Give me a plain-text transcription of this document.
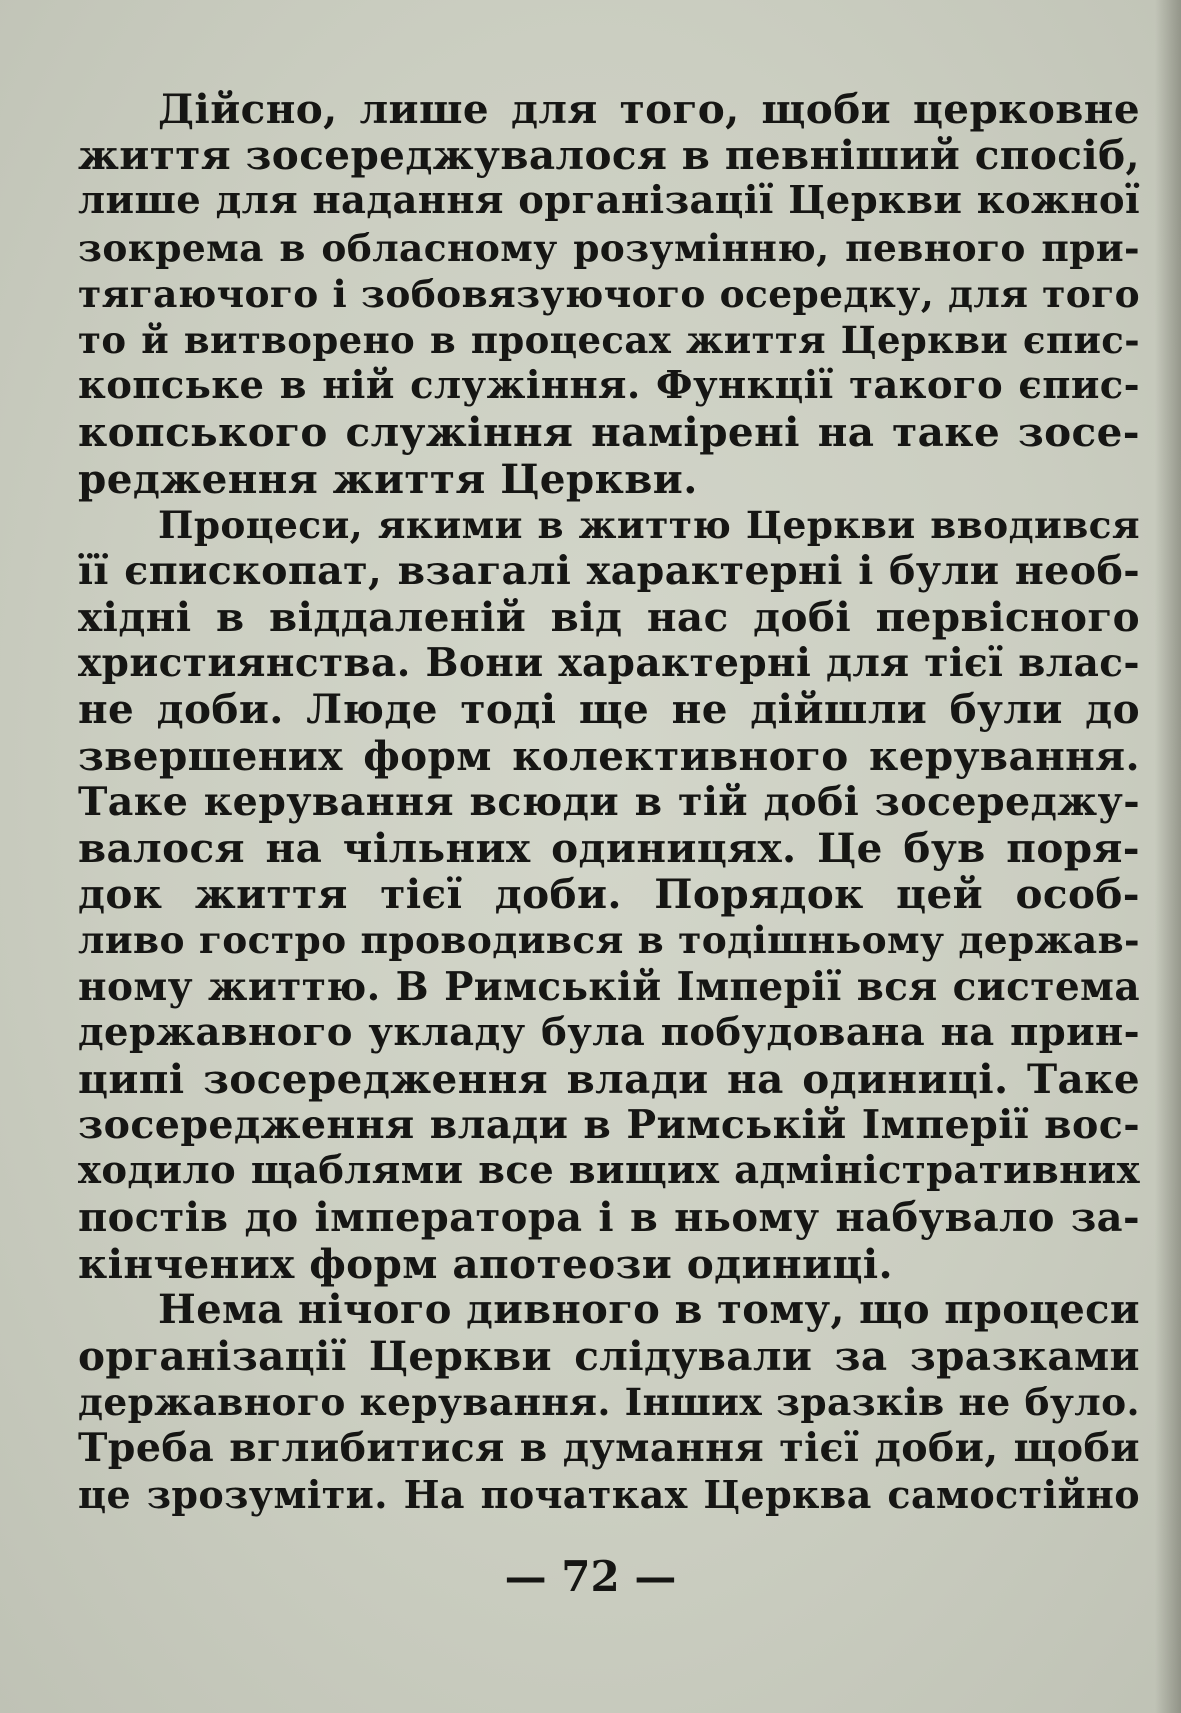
Дійсно, лише для того, щоби церковне
життя зосереджувалося в певніший спосіб,
лише для надання організації Церкви кожної
зокрема в обласному розумінню, певного при-
тягаючого і зобовязуючого осередку, для того
то й витворено в процесах життя Церкви єпис-
копське в ній служіння. Функції такого єпис-
копського служіння намірені на таке зосе-
редження життя Церкви.
Процеси, якими в життю Церкви вводився
її єпископат, взагалі характерні і були необ-
хідні в віддаленій від нас добі первісного
християнства. Вони характерні для тієї влас-
не доби. Люде тоді ще не дійшли були до
звершених форм колективного керування.
Таке керування всюди в тій добі зосереджу-
валося на чільних одиницях. Це був поря-
док життя тієї доби. Порядок цей особ-
ливо гостро проводився в тодішньому держав-
ному життю. В Римській Імперії вся система
державного укладу була побудована на прин-
ципі зосередження влади на одиниці. Таке
зосередження влади в Римській Імперії вос-
ходило щаблями все вищих адміністративних
постів до імператора і в ньому набувало за-
кінчених форм апотеози одиниці.
Нема нічого дивного в тому, що процеси
організації Церкви слідували за зразками
державного керування. Інших зразків не було.
Треба вглибитися в думання тієї доби, щоби
це зрозуміти. На початках Церква самостійно
— 72 —
